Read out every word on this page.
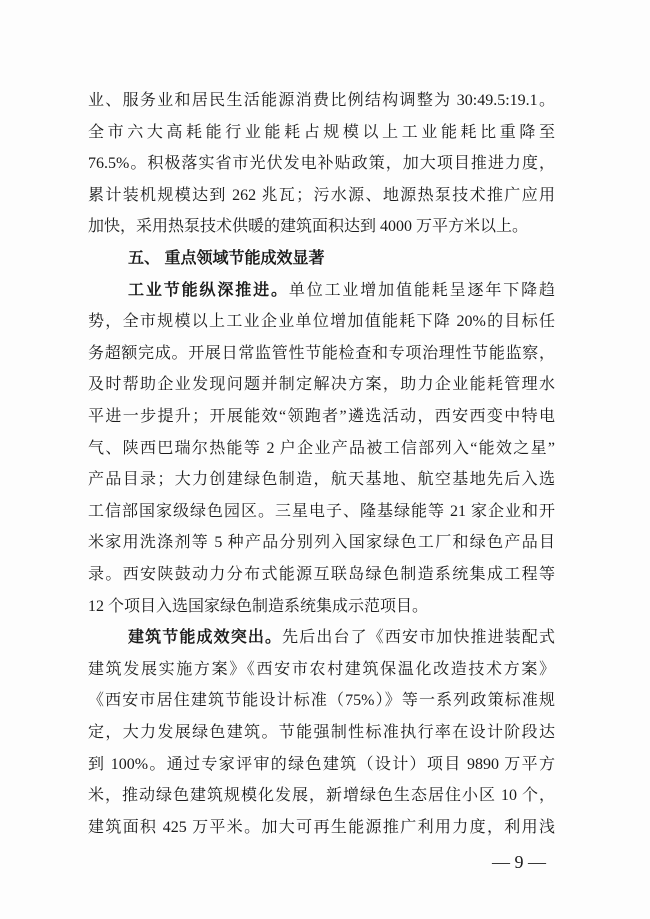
业、服务业和居民生活能源消费比例结构调整为 30:49.5:19.1。
全市六大高耗能行业能耗占规模以上工业能耗比重降至
76.5%。积极落实省市光伏发电补贴政策，加大项目推进力度，
累计装机规模达到 262 兆瓦；污水源、地源热泵技术推广应用
加快，采用热泵技术供暖的建筑面积达到 4000 万平方米以上。
五、 重点领域节能成效显著
工业节能纵深推进。单位工业增加值能耗呈逐年下降趋
势，全市规模以上工业企业单位增加值能耗下降 20%的目标任
务超额完成。开展日常监管性节能检查和专项治理性节能监察，
及时帮助企业发现问题并制定解决方案，助力企业能耗管理水
平进一步提升；开展能效“领跑者”遴选活动，西安西变中特电
气、陕西巴瑞尔热能等 2 户企业产品被工信部列入“能效之星”
产品目录；大力创建绿色制造，航天基地、航空基地先后入选
工信部国家级绿色园区。三星电子、隆基绿能等 21 家企业和开
米家用洗涤剂等 5 种产品分别列入国家绿色工厂和绿色产品目
录。西安陕鼓动力分布式能源互联岛绿色制造系统集成工程等
12 个项目入选国家绿色制造系统集成示范项目。
建筑节能成效突出。先后出台了《西安市加快推进装配式
建筑发展实施方案》《西安市农村建筑保温化改造技术方案》
《西安市居住建筑节能设计标准（75%）》等一系列政策标准规
定，大力发展绿色建筑。节能强制性标准执行率在设计阶段达
到 100%。通过专家评审的绿色建筑（设计）项目 9890 万平方
米，推动绿色建筑规模化发展，新增绿色生态居住小区 10 个，
建筑面积 425 万平米。加大可再生能源推广利用力度，利用浅
— 9 —
